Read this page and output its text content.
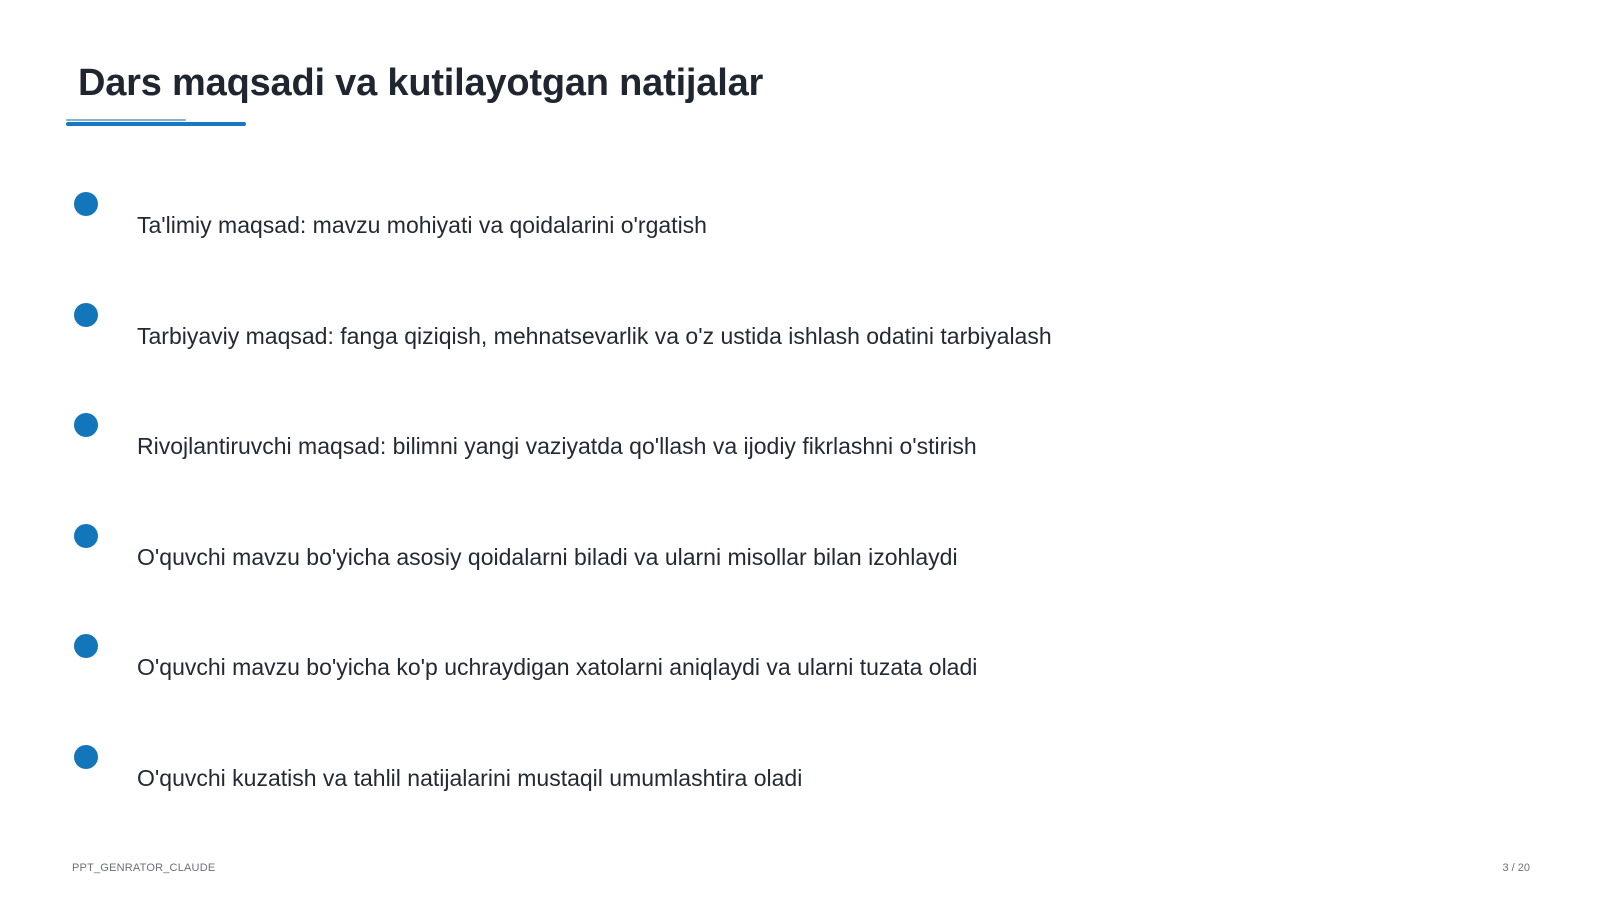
Dars maqsadi va kutilayotgan natijalar
Ta'limiy maqsad: mavzu mohiyati va qoidalarini o'rgatish
Tarbiyaviy maqsad: fanga qiziqish, mehnatsevarlik va o'z ustida ishlash odatini tarbiyalash
Rivojlantiruvchi maqsad: bilimni yangi vaziyatda qo'llash va ijodiy fikrlashni o'stirish
O'quvchi mavzu bo'yicha asosiy qoidalarni biladi va ularni misollar bilan izohlaydi
O'quvchi mavzu bo'yicha ko'p uchraydigan xatolarni aniqlaydi va ularni tuzata oladi
O'quvchi kuzatish va tahlil natijalarini mustaqil umumlashtira oladi
PPT_GENRATOR_CLAUDE	3 / 20
